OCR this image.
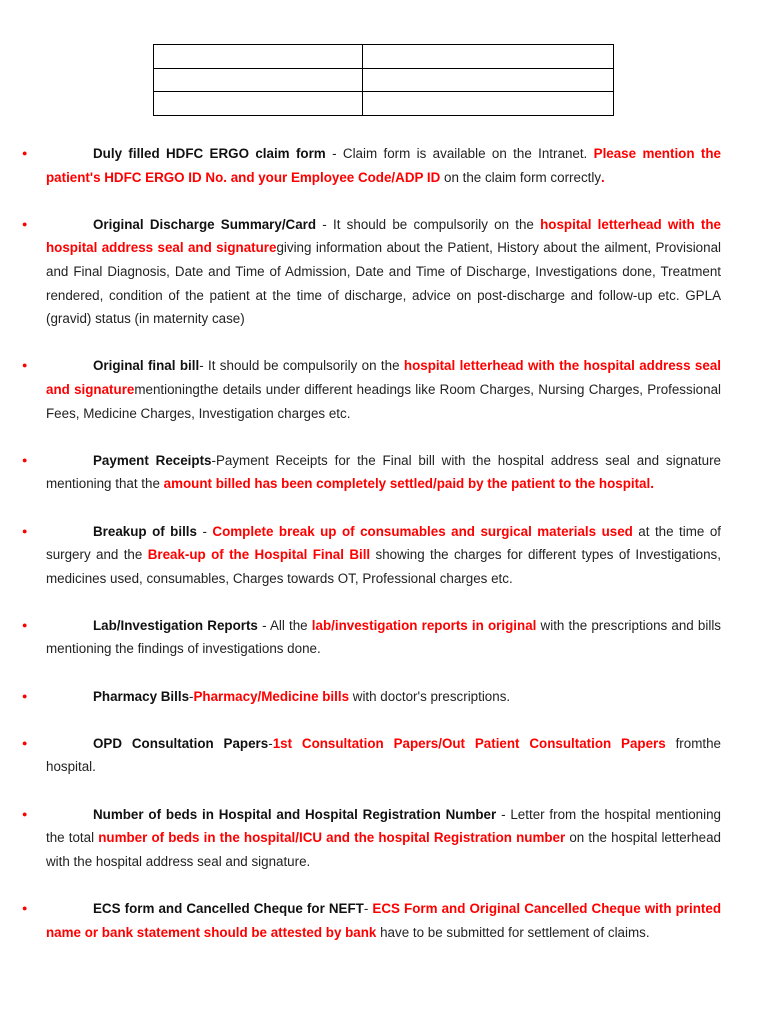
●	Duly filled HDFC ERGO claim form - Claim form is available on the Intranet. Please mention the patient's HDFC ERGO ID No. and your Employee Code/ADP ID on the claim form correctly.
●	Original Discharge Summary/Card - It should be compulsorily on the hospital letterhead with the hospital address seal and signaturegiving information about the Patient, History about the ailment, Provisional and Final Diagnosis, Date and Time of Admission, Date and Time of Discharge, Investigations done, Treatment rendered, condition of the patient at the time of discharge, advice on post-discharge and follow-up etc. GPLA (gravid) status (in maternity case)
●	Original final bill- It should be compulsorily on the hospital letterhead with the hospital address seal and signaturementioningthe details under different headings like Room Charges, Nursing Charges, Professional Fees, Medicine Charges, Investigation charges etc.
●	Payment Receipts-Payment Receipts for the Final bill with the hospital address seal and signature mentioning that the amount billed has been completely settled/paid by the patient to the hospital.
●	Breakup of bills - Complete break up of consumables and surgical materials used at the time of surgery and the Break-up of the Hospital Final Bill showing the charges for different types of Investigations, medicines used, consumables, Charges towards OT, Professional charges etc.
●	Lab/Investigation Reports - All the lab/investigation reports in original with the prescriptions and bills mentioning the findings of investigations done.
●	Pharmacy Bills-Pharmacy/Medicine bills with doctor's prescriptions.
●	OPD Consultation Papers-1st Consultation Papers/Out Patient Consultation Papers fromthe hospital.
●	Number of beds in Hospital and Hospital Registration Number - Letter from the hospital mentioning the total number of beds in the hospital/ICU and the hospital Registration number on the hospital letterhead with the hospital address seal and signature.
●	ECS form and Cancelled Cheque for NEFT- ECS Form and Original Cancelled Cheque with printed name or bank statement should be attested by bank have to be submitted for settlement of claims.
